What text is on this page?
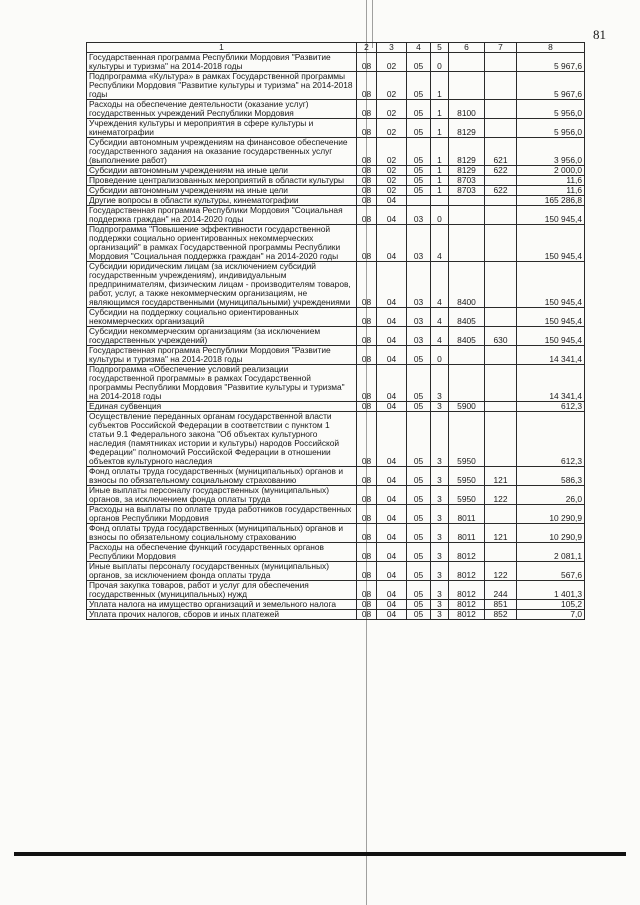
81
1	2	3	4	5	6	7	8
Государственная программа Республики Мордовия "Развитие культуры и туризма" на 2014-2018 годы	08	02	05	0			5 967,6
Подпрограмма «Культура» в рамках Государственной программы Республики Мордовия "Развитие культуры и туризма" на 2014-2018 годы	08	02	05	1			5 967,6
Расходы на обеспечение деятельности (оказание услуг) государственных учреждений Республики Мордовия	08	02	05	1	8100		5 956,0
Учреждения культуры и мероприятия в сфере культуры и кинематографии	08	02	05	1	8129		5 956,0
Субсидии автономным учреждениям на финансовое обеспечение государственного задания на оказание государственных услуг (выполнение работ)	08	02	05	1	8129	621	3 956,0
Субсидии автономным учреждениям на иные цели	08	02	05	1	8129	622	2 000,0
Проведение централизованных мероприятий в области культуры	08	02	05	1	8703		11,6
Субсидии автономным учреждениям на иные цели	08	02	05	1	8703	622	11,6
Другие вопросы в области культуры, кинематографии	08	04					165 286,8
Государственная программа Республики Мордовия "Социальная поддержка граждан" на 2014-2020 годы	08	04	03	0			150 945,4
Подпрограмма "Повышение эффективности государственной поддержки социально ориентированных некоммерческих организаций" в рамках Государственной программы Республики Мордовия "Социальная поддержка граждан" на 2014-2020 годы	08	04	03	4			150 945,4
Субсидии юридическим лицам (за исключением субсидий государственным учреждениям), индивидуальным предпринимателям, физическим лицам - производителям товаров, работ, услуг, а также некоммерческим организациям, не являющимся государственными (муниципальными) учреждениями	08	04	03	4	8400		150 945,4
Субсидии на поддержку социально ориентированных некоммерческих организаций	08	04	03	4	8405		150 945,4
Субсидии некоммерческим организациям (за исключением государственных учреждений)	08	04	03	4	8405	630	150 945,4
Государственная программа Республики Мордовия "Развитие культуры и туризма" на 2014-2018 годы	08	04	05	0			14 341,4
Подпрограмма «Обеспечение условий реализации государственной программы» в рамках Государственной программы Республики Мордовия "Развитие культуры и туризма" на 2014-2018 годы	08	04	05	3			14 341,4
Единая субвенция	08	04	05	3	5900		612,3
Осуществление переданных органам государственной власти субъектов Российской Федерации в соответствии с пунктом 1 статьи 9.1 Федерального закона "Об объектах культурного наследия (памятниках истории и культуры) народов Российской Федерации" полномочий Российской Федерации в отношении объектов культурного наследия	08	04	05	3	5950		612,3
Фонд оплаты труда государственных (муниципальных) органов и взносы по обязательному социальному страхованию	08	04	05	3	5950	121	586,3
Иные выплаты персоналу государственных (муниципальных) органов, за исключением фонда оплаты труда	08	04	05	3	5950	122	26,0
Расходы на выплаты по оплате труда работников государственных органов Республики Мордовия	08	04	05	3	8011		10 290,9
Фонд оплаты труда государственных (муниципальных) органов и взносы по обязательному социальному страхованию	08	04	05	3	8011	121	10 290,9
Расходы на обеспечение функций государственных органов Республики Мордовия	08	04	05	3	8012		2 081,1
Иные выплаты персоналу государственных (муниципальных) органов, за исключением фонда оплаты труда	08	04	05	3	8012	122	567,6
Прочая закупка товаров, работ и услуг для обеспечения государственных (муниципальных) нужд	08	04	05	3	8012	244	1 401,3
Уплата налога на имущество организаций и земельного налога	08	04	05	3	8012	851	105,2
Уплата прочих налогов, сборов и иных платежей	08	04	05	3	8012	852	7,0
